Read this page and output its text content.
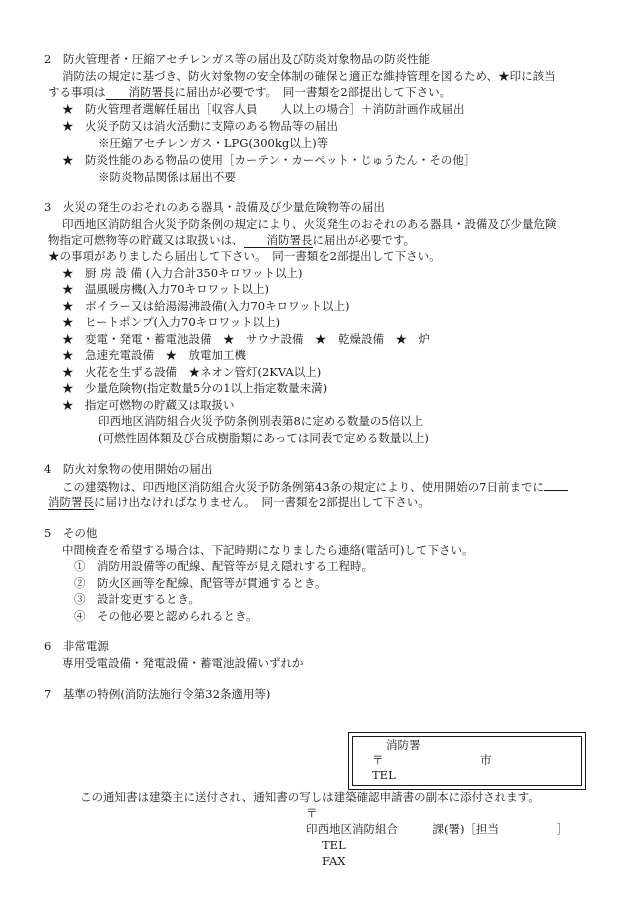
2　防火管理者・圧縮アセチレンガス等の届出及び防炎対象物品の防炎性能
消防法の規定に基づき、防火対象物の安全体制の確保と適正な維持管理を図るため、★印に該当
する事項は　　消防署長に届出が必要です。　同一書類を2部提出して下さい。
★　防火管理者選解任届出［収容人員　　人以上の場合］＋消防計画作成届出
★　火災予防又は消火活動に支障のある物品等の届出
※圧縮アセチレンガス・LPG(300kg以上)等
★　防炎性能のある物品の使用［カーテン・カーペット・じゅうたん・その他］
※防炎物品関係は届出不要
3　火災の発生のおそれのある器具・設備及び少量危険物等の届出
印西地区消防組合火災予防条例の規定により、火災発生のおそれのある器具・設備及び少量危険
物指定可燃物等の貯蔵又は取扱いは、　　消防署長に届出が必要です。
★の事項がありましたら届出して下さい。　同一書類を2部提出して下さい。
★　厨 房 設 備 (入力合計350キロワット以上)
★　温風暖房機(入力70キロワット以上)
★　ボイラー又は給湯湯沸設備(入力70キロワット以上)
★　ヒートポンプ(入力70キロワット以上)
★　変電・発電・蓄電池設備　★　サウナ設備　★　乾燥設備　★　炉
★　急速充電設備　★　放電加工機
★　火花を生ずる設備　★ネオン管灯(2KVA以上)
★　少量危険物(指定数量5分の1以上指定数量未満)
★　指定可燃物の貯蔵又は取扱い
印西地区消防組合火災予防条例別表第8に定める数量の5倍以上
(可燃性固体類及び合成樹脂類にあっては同表で定める数量以上)
4　防火対象物の使用開始の届出
この建築物は、印西地区消防組合火災予防条例第43条の規定により、使用開始の7日前までに
消防署長に届け出なければなりません。　同一書類を2部提出して下さい。
5　その他
中間検査を希望する場合は、下記時期になりましたら連絡(電話可)して下さい。
①　消防用設備等の配線、配管等が見え隠れする工程時。
②　防火区画等を配線、配管等が貫通するとき。
③　設計変更するとき。
④　その他必要と認められるとき。
6　非常電源
専用受電設備・発電設備・蓄電池設備いずれか
7　基準の特例(消防法施行令第32条適用等)
消防署
〒	市
TEL
この通知書は建築主に送付され、通知書の写しは建築確認申請書の副本に添付されます。
〒
印西地区消防組合　　　課(署)［担当　　　　　］
TEL
FAX
